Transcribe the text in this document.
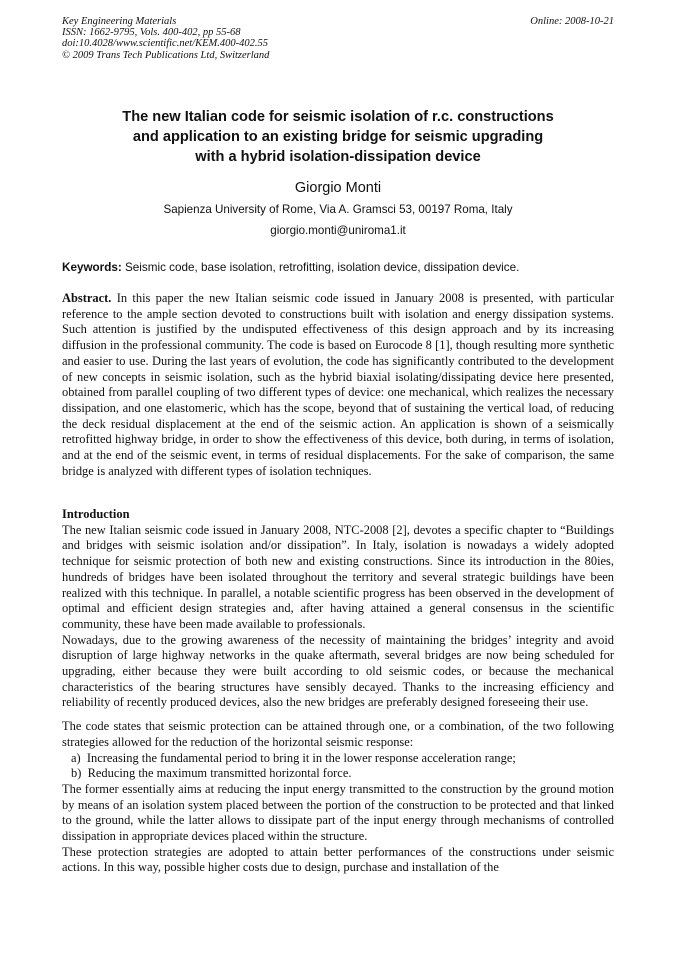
Key Engineering Materials
ISSN: 1662-9795, Vols. 400-402, pp 55-68
doi:10.4028/www.scientific.net/KEM.400-402.55
© 2009 Trans Tech Publications Ltd, Switzerland
Online: 2008-10-21
The new Italian code for seismic isolation of r.c. constructions
and application to an existing bridge for seismic upgrading
with a hybrid isolation-dissipation device
Giorgio Monti
Sapienza University of Rome, Via A. Gramsci 53, 00197 Roma, Italy
giorgio.monti@uniroma1.it
Keywords: Seismic code, base isolation, retrofitting, isolation device, dissipation device.

Abstract. In this paper the new Italian seismic code issued in January 2008 is presented, with particular reference to the ample section devoted to constructions built with isolation and energy dissipation systems. Such attention is justified by the undisputed effectiveness of this design approach and by its increasing diffusion in the professional community. The code is based on Eurocode 8 [1], though resulting more synthetic and easier to use. During the last years of evolution, the code has significantly contributed to the development of new concepts in seismic isolation, such as the hybrid biaxial isolating/dissipating device here presented, obtained from parallel coupling of two different types of device: one mechanical, which realizes the necessary dissipation, and one elastomeric, which has the scope, beyond that of sustaining the vertical load, of reducing the deck residual displacement at the end of the seismic action. An application is shown of a seismically retrofitted highway bridge, in order to show the effectiveness of this device, both during, in terms of isolation, and at the end of the seismic event, in terms of residual displacements. For the sake of comparison, the same bridge is analyzed with different types of isolation techniques.

Introduction

The new Italian seismic code issued in January 2008, NTC-2008 [2], devotes a specific chapter to “Buildings and bridges with seismic isolation and/or dissipation”. In Italy, isolation is nowadays a widely adopted technique for seismic protection of both new and existing constructions. Since its introduction in the 80ies, hundreds of bridges have been isolated throughout the territory and several strategic buildings have been realized with this technique. In parallel, a notable scientific progress has been observed in the development of optimal and efficient design strategies and, after having attained a general consensus in the scientific community, these have been made available to professionals.

Nowadays, due to the growing awareness of the necessity of maintaining the bridges’ integrity and avoid disruption of large highway networks in the quake aftermath, several bridges are now being scheduled for upgrading, either because they were built according to old seismic codes, or because the mechanical characteristics of the bearing structures have sensibly decayed. Thanks to the increasing efficiency and reliability of recently produced devices, also the new bridges are preferably designed foreseeing their use.

The code states that seismic protection can be attained through one, or a combination, of the two following strategies allowed for the reduction of the horizontal seismic response:

a) Increasing the fundamental period to bring it in the lower response acceleration range;
b) Reducing the maximum transmitted horizontal force.

The former essentially aims at reducing the input energy transmitted to the construction by the ground motion by means of an isolation system placed between the portion of the construction to be protected and that linked to the ground, while the latter allows to dissipate part of the input energy through mechanisms of controlled dissipation in appropriate devices placed within the structure.

These protection strategies are adopted to attain better performances of the constructions under seismic actions. In this way, possible higher costs due to design, purchase and installation of the
